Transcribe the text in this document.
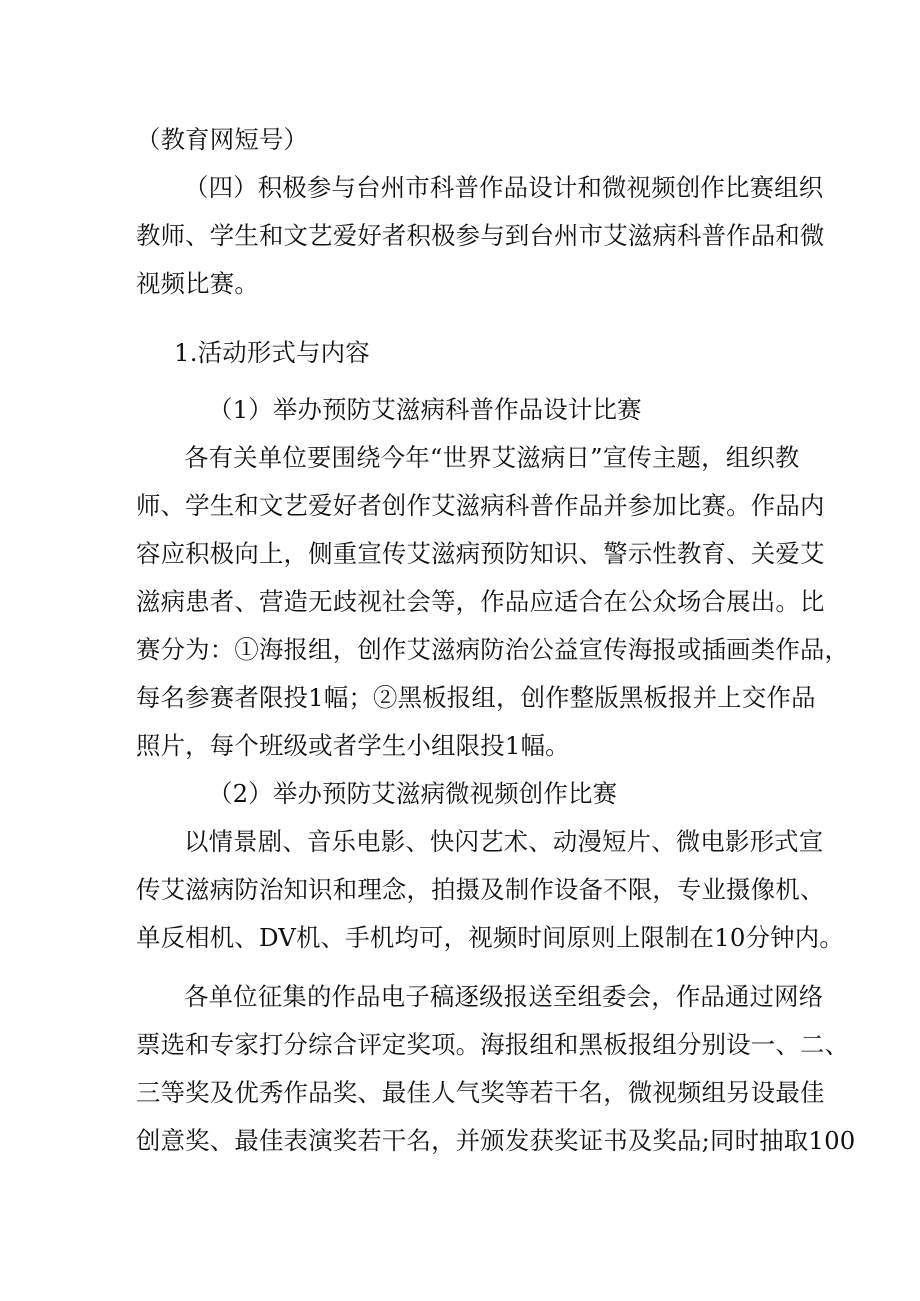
（教育网短号）
（四）积极参与台州市科普作品设计和微视频创作比赛组织
教师、学生和文艺爱好者积极参与到台州市艾滋病科普作品和微
视频比赛。
1.活动形式与内容
（1）举办预防艾滋病科普作品设计比赛
各有关单位要围绕今年“世界艾滋病日”宣传主题，组织教
师、学生和文艺爱好者创作艾滋病科普作品并参加比赛。作品内
容应积极向上，侧重宣传艾滋病预防知识、警示性教育、关爱艾
滋病患者、营造无歧视社会等，作品应适合在公众场合展出。比
赛分为：①海报组，创作艾滋病防治公益宣传海报或插画类作品，
每名参赛者限投1幅；②黑板报组，创作整版黑板报并上交作品
照片，每个班级或者学生小组限投1幅。
（2）举办预防艾滋病微视频创作比赛
以情景剧、音乐电影、快闪艺术、动漫短片、微电影形式宣
传艾滋病防治知识和理念，拍摄及制作设备不限，专业摄像机、
单反相机、DV机、手机均可，视频时间原则上限制在10分钟内。
各单位征集的作品电子稿逐级报送至组委会，作品通过网络
票选和专家打分综合评定奖项。海报组和黑板报组分别设一、二、
三等奖及优秀作品奖、最佳人气奖等若干名，微视频组另设最佳
创意奖、最佳表演奖若干名，并颁发获奖证书及奖品;同时抽取100
